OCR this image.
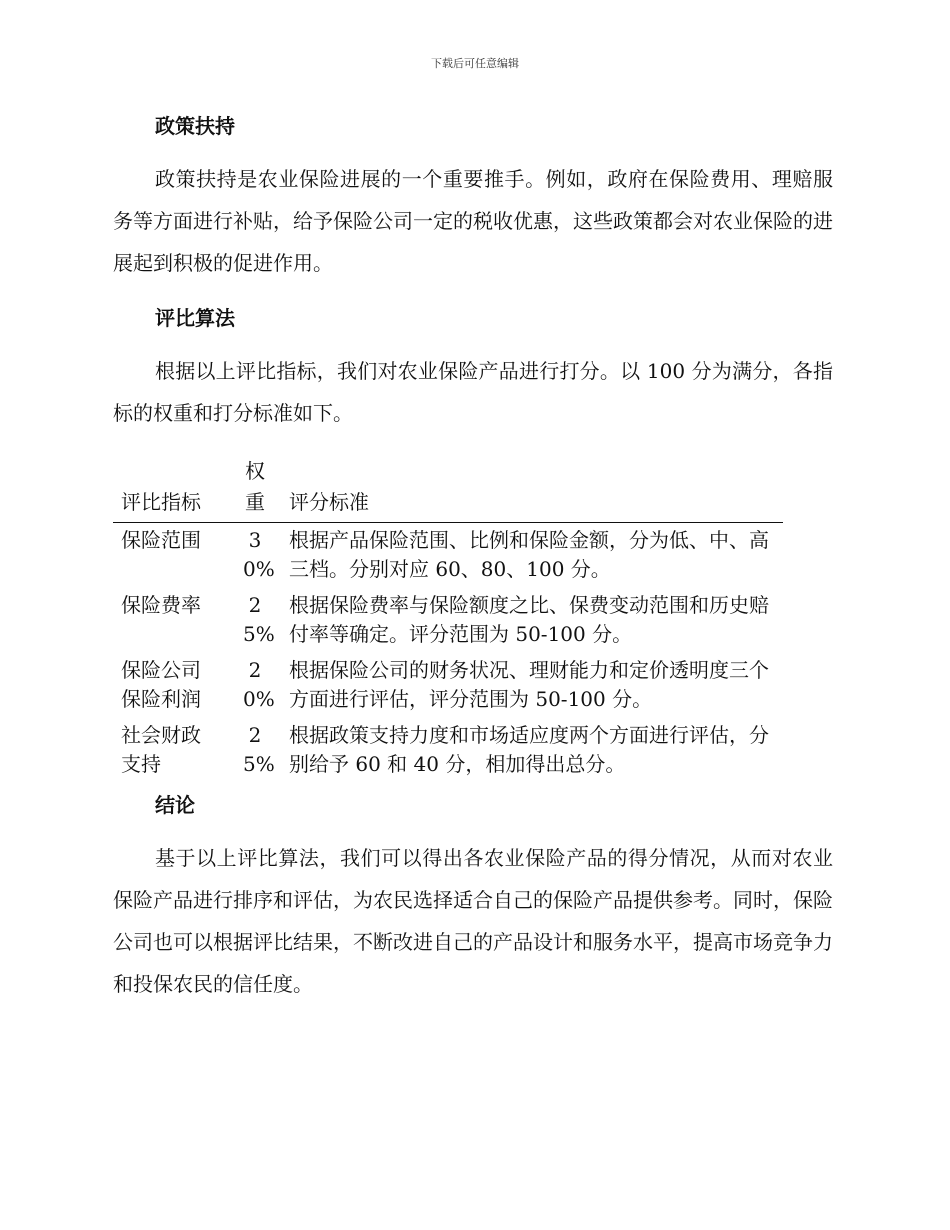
下载后可任意编辑
政策扶持

政策扶持是农业保险进展的一个重要推手。例如，政府在保险费用、理赔服务等方面进行补贴，给予保险公司一定的税收优惠，这些政策都会对农业保险的进展起到积极的促进作用。

评比算法

根据以上评比指标，我们对农业保险产品进行打分。以 100 分为满分，各指标的权重和打分标准如下。

评比指标	权重	评分标准

保险范围	30%	根据产品保险范围、比例和保险金额，分为低、中、高三档。分别对应 60、80、100 分。

保险费率	25%	根据保险费率与保险额度之比、保费变动范围和历史赔付率等确定。评分范围为 50-100 分。

保险公司保险利润	20%	根据保险公司的财务状况、理财能力和定价透明度三个方面进行评估，评分范围为 50-100 分。

社会财政支持	25%	根据政策支持力度和市场适应度两个方面进行评估，分别给予 60 和 40 分，相加得出总分。
结论

基于以上评比算法，我们可以得出各农业保险产品的得分情况，从而对农业保险产品进行排序和评估，为农民选择适合自己的保险产品提供参考。同时，保险公司也可以根据评比结果，不断改进自己的产品设计和服务水平，提高市场竞争力和投保农民的信任度。
